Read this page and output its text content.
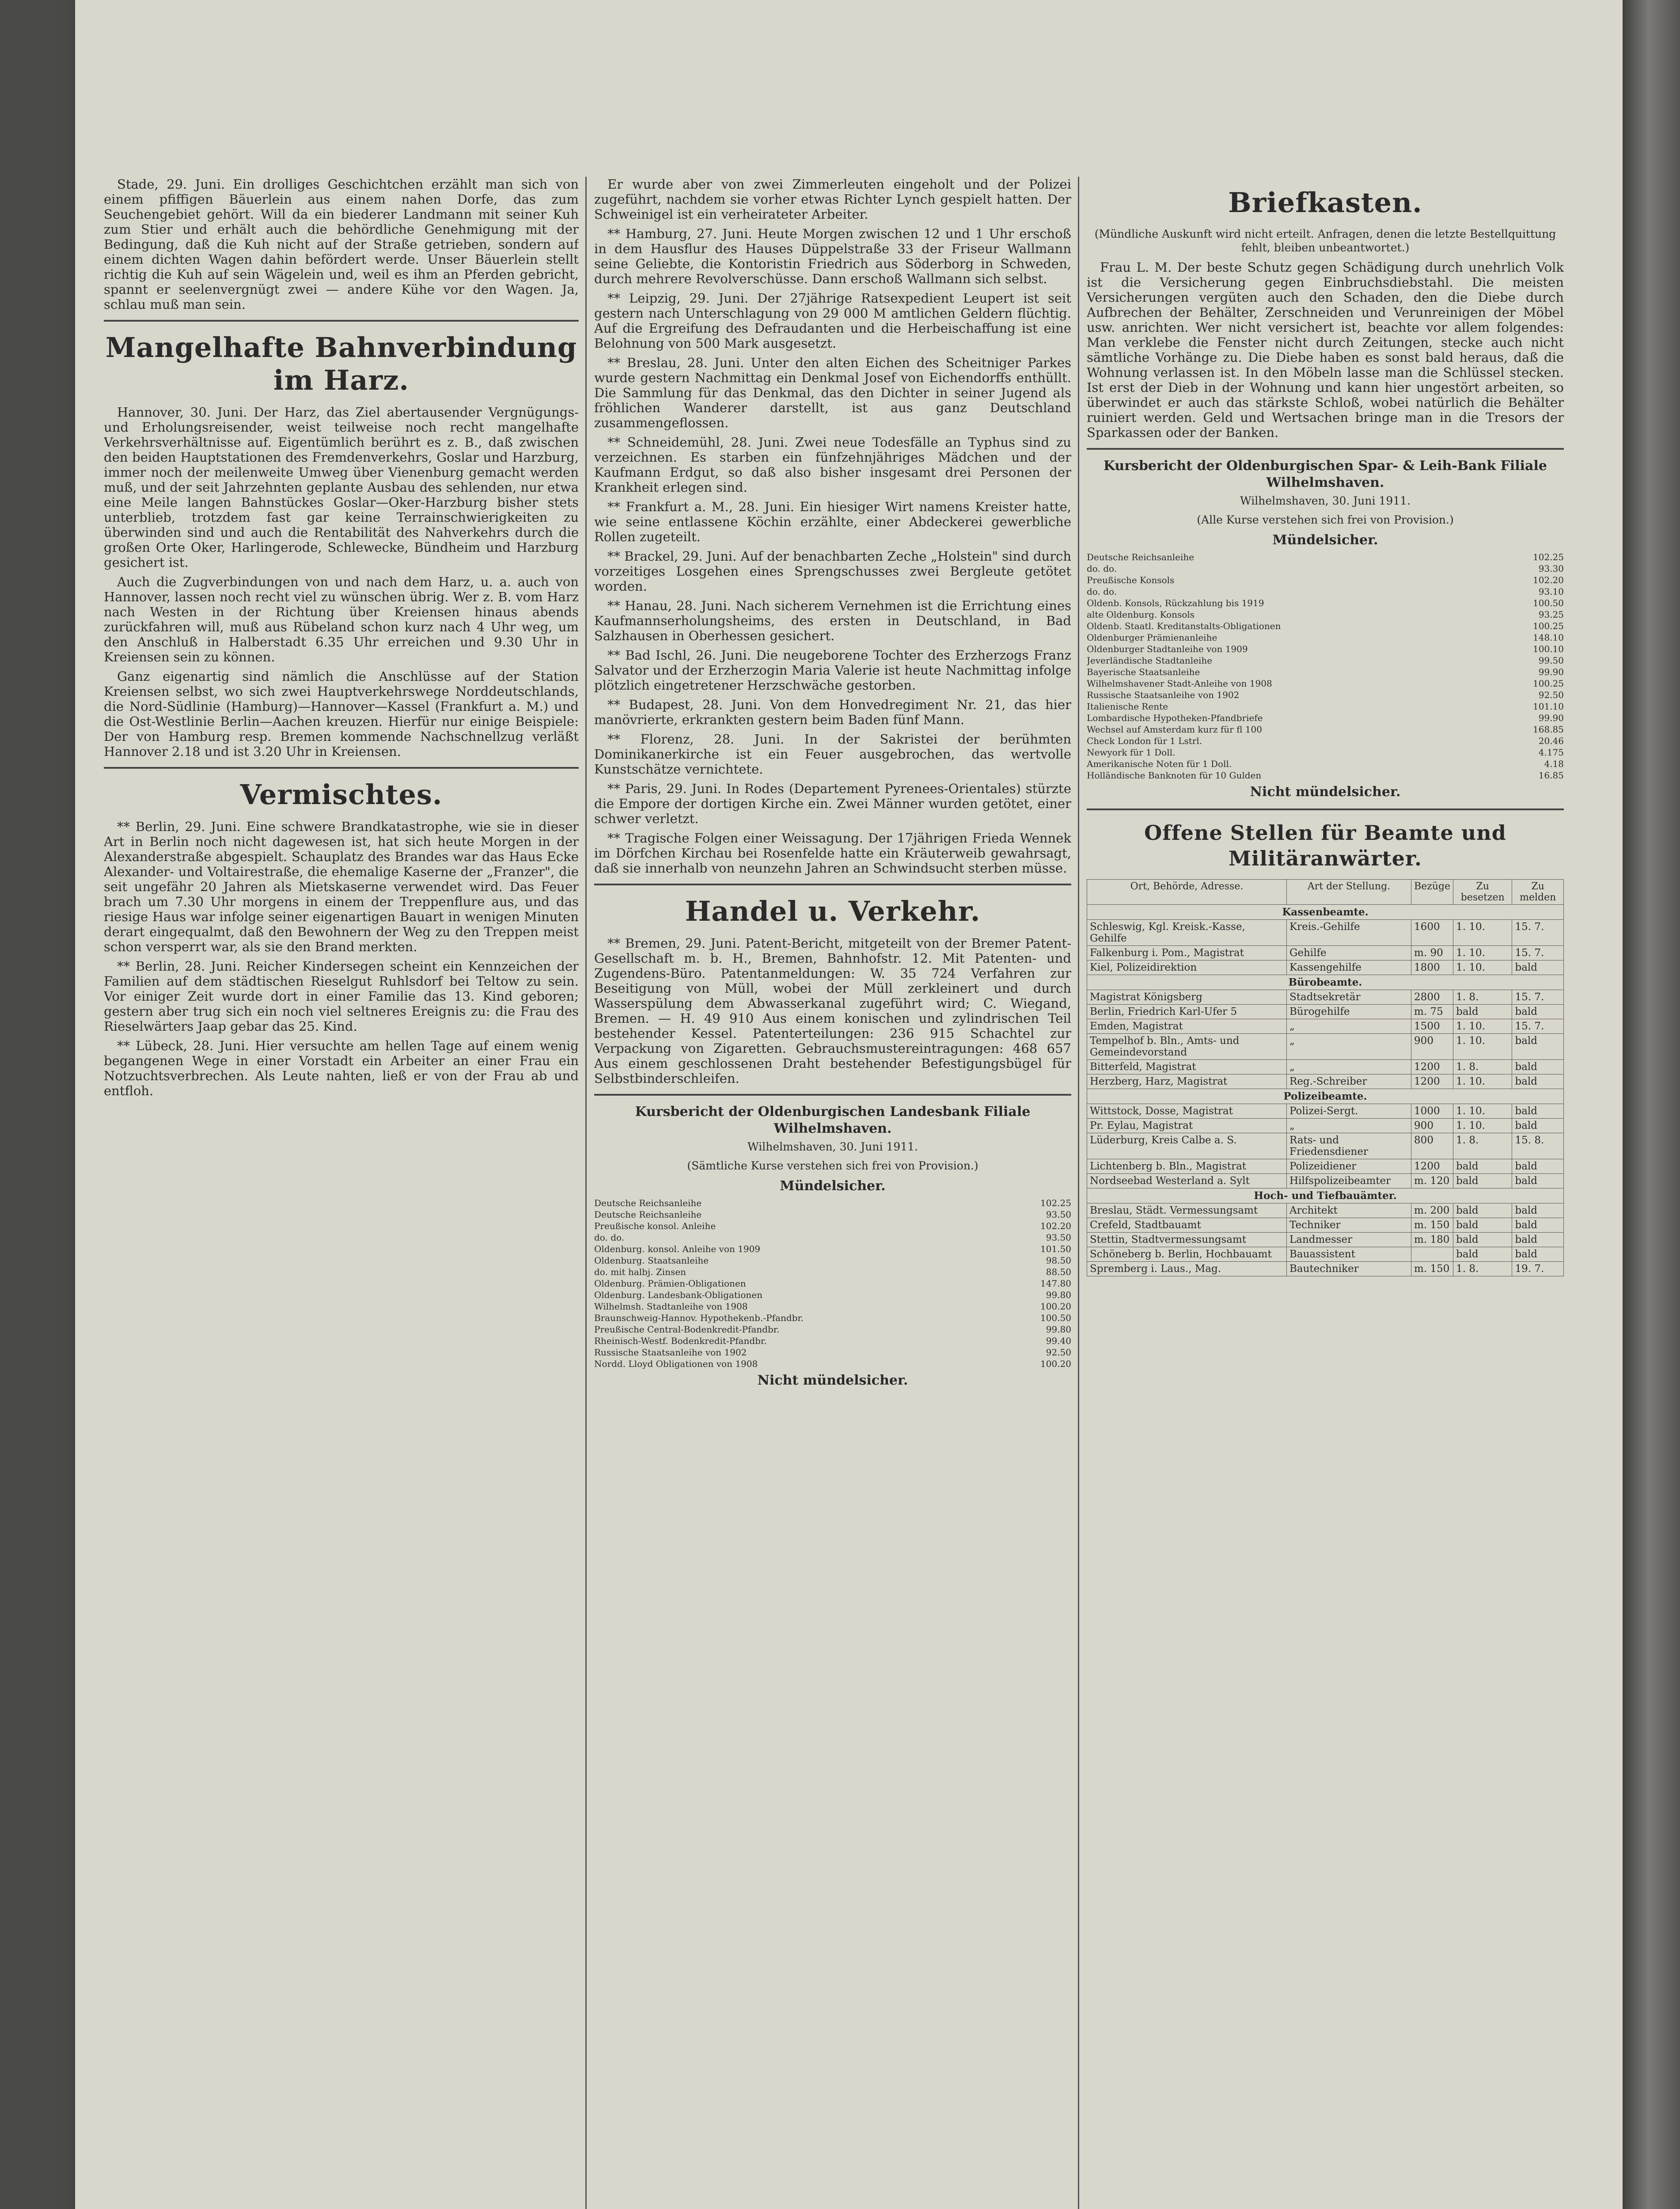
Stade, 29. Juni. Ein drolliges Geschichtchen erzählt man sich von einem pfiffigen Bäuerlein aus einem nahen Dorfe, das zum Seuchengebiet gehört. Will da ein biederer Landmann mit seiner Kuh zum Stier und erhält auch die behördliche Genehmigung mit der Bedingung, daß die Kuh nicht auf der Straße getrieben, sondern auf einem dichten Wagen dahin befördert werde. Unser Bäuerlein stellt richtig die Kuh auf sein Wägelein und, weil es ihm an Pferden gebricht, spannt er seelenvergnügt zwei — andere Kühe vor den Wagen. Ja, schlau muß man sein.

Mangelhafte Bahnverbindung im Harz.

Hannover, 30. Juni. Der Harz, das Ziel abertausender Vergnügungs- und Erholungsreisender, weist teilweise noch recht mangelhafte Verkehrsverhältnisse auf. Eigentümlich berührt es z. B., daß zwischen den beiden Hauptstationen des Fremdenverkehrs, Goslar und Harzburg, immer noch der meilenweite Umweg über Vienenburg gemacht werden muß, und der seit Jahrzehnten geplante Ausbau des sehlenden, nur etwa eine Meile langen Bahnstückes Goslar—Oker-Harzburg bisher stets unterblieb, trotzdem fast gar keine Terrainschwierigkeiten zu überwinden sind und auch die Rentabilität des Nahverkehrs durch die großen Orte Oker, Harlingerode, Schlewecke, Bündheim und Harzburg gesichert ist.

Auch die Zugverbindungen von und nach dem Harz, u. a. auch von Hannover, lassen noch recht viel zu wünschen übrig. Wer z. B. vom Harz nach Westen in der Richtung über Kreiensen hinaus abends zurückfahren will, muß aus Rübeland schon kurz nach 4 Uhr weg, um den Anschluß in Halberstadt 6.35 Uhr erreichen und 9.30 Uhr in Kreiensen sein zu können.

Ganz eigenartig sind nämlich die Anschlüsse auf der Station Kreiensen selbst, wo sich zwei Hauptverkehrswege Norddeutschlands, die Nord-Südlinie (Hamburg)—Hannover—Kassel (Frankfurt a. M.) und die Ost-Westlinie Berlin—Aachen kreuzen. Hierfür nur einige Beispiele: Der von Hamburg resp. Bremen kommende Nachschnellzug verläßt Hannover 2.18 und ist 3.20 Uhr in Kreiensen.

Vermischtes.

** Berlin, 29. Juni. Eine schwere Brandkatastrophe, wie sie in dieser Art in Berlin noch nicht dagewesen ist, hat sich heute Morgen in der Alexanderstraße abgespielt. Schauplatz des Brandes war das Haus Ecke Alexander- und Voltairestraße, die ehemalige Kaserne der „Franzer", die seit ungefähr 20 Jahren als Mietskaserne verwendet wird. Das Feuer brach um 7.30 Uhr morgens in einem der Treppenflure aus, und das riesige Haus war infolge seiner eigenartigen Bauart in wenigen Minuten derart eingequalmt, daß den Bewohnern der Weg zu den Treppen meist schon versperrt war, als sie den Brand merkten.

** Berlin, 28. Juni. Reicher Kindersegen scheint ein Kennzeichen der Familien auf dem städtischen Rieselgut Ruhlsdorf bei Teltow zu sein. Vor einiger Zeit wurde dort in einer Familie das 13. Kind geboren; gestern aber trug sich ein noch viel seltneres Ereignis zu: die Frau des Rieselwärters Jaap gebar das 25. Kind.

** Lübeck, 28. Juni. Hier versuchte am hellen Tage auf einem wenig begangenen Wege in einer Vorstadt ein Arbeiter an einer Frau ein Notzuchtsverbrechen. Als Leute nahten, ließ er von der Frau ab und entfloh.

Er wurde aber von zwei Zimmerleuten eingeholt und der Polizei zugeführt, nachdem sie vorher etwas Richter Lynch gespielt hatten. Der Schweinigel ist ein verheirateter Arbeiter.

** Hamburg, 27. Juni. Heute Morgen zwischen 12 und 1 Uhr erschoß in dem Hausflur des Hauses Düppelstraße 33 der Friseur Wallmann seine Geliebte, die Kontoristin Friedrich aus Söderborg in Schweden, durch mehrere Revolverschüsse. Dann erschoß Wallmann sich selbst.

** Leipzig, 29. Juni. Der 27jährige Ratsexpedient Leupert ist seit gestern nach Unterschlagung von 29 000 M amtlichen Geldern flüchtig. Auf die Ergreifung des Defraudanten und die Herbeischaffung ist eine Belohnung von 500 Mark ausgesetzt.

** Breslau, 28. Juni. Unter den alten Eichen des Scheitniger Parkes wurde gestern Nachmittag ein Denkmal Josef von Eichendorffs enthüllt. Die Sammlung für das Denkmal, das den Dichter in seiner Jugend als fröhlichen Wanderer darstellt, ist aus ganz Deutschland zusammengeflossen.

** Schneidemühl, 28. Juni. Zwei neue Todesfälle an Typhus sind zu verzeichnen. Es starben ein fünfzehnjähriges Mädchen und der Kaufmann Erdgut, so daß also bisher insgesamt drei Personen der Krankheit erlegen sind.

** Frankfurt a. M., 28. Juni. Ein hiesiger Wirt namens Kreister hatte, wie seine entlassene Köchin erzählte, einer Abdeckerei gewerbliche Rollen zugeteilt.

** Brackel, 29. Juni. Auf der benachbarten Zeche „Holstein" sind durch vorzeitiges Losgehen eines Sprengschusses zwei Bergleute getötet worden.

** Hanau, 28. Juni. Nach sicherem Vernehmen ist die Errichtung eines Kaufmannserholungsheims, des ersten in Deutschland, in Bad Salzhausen in Oberhessen gesichert.

** Bad Ischl, 26. Juni. Die neugeborene Tochter des Erzherzogs Franz Salvator und der Erzherzogin Maria Valerie ist heute Nachmittag infolge plötzlich eingetretener Herzschwäche gestorben.

** Budapest, 28. Juni. Von dem Honvedregiment Nr. 21, das hier manövrierte, erkrankten gestern beim Baden fünf Mann.

** Florenz, 28. Juni. In der Sakristei der berühmten Dominikanerkirche ist ein Feuer ausgebrochen, das wertvolle Kunstschätze vernichtete.

** Paris, 29. Juni. In Rodes (Departement Pyrenees-Orientales) stürzte die Empore der dortigen Kirche ein. Zwei Männer wurden getötet, einer schwer verletzt.

** Tragische Folgen einer Weissagung. Der 17jährigen Frieda Wennek im Dörfchen Kirchau bei Rosenfelde hatte ein Kräuterweib gewahrsagt, daß sie innerhalb von neunzehn Jahren an Schwindsucht sterben müsse.

Handel u. Verkehr.

** Bremen, 29. Juni. Patent-Bericht, mitgeteilt von der Bremer Patent-Gesellschaft m. b. H., Bremen, Bahnhofstr. 12. Mit Patenten- und Zugendens-Büro. Patentanmeldungen: W. 35 724 Verfahren zur Beseitigung von Müll, wobei der Müll zerkleinert und durch Wasserspülung dem Abwasserkanal zugeführt wird; C. Wiegand, Bremen. — H. 49 910 Aus einem konischen und zylindrischen Teil bestehender Kessel. Patenterteilungen: 236 915 Schachtel zur Verpackung von Zigaretten. Gebrauchsmustereintragungen: 468 657 Aus einem geschlossenen Draht bestehender Befestigungsbügel für Selbstbinderschleifen.

Kursbericht der Oldenburgischen Landesbank Filiale Wilhelmshaven.
Wilhelmshaven, 30. Juni 1911.
(Sämtliche Kurse verstehen sich frei von Provision.)
Mündelsicher.
Deutsche Reichsanleihe	102.25
Deutsche Reichsanleihe	93.50
Preußische konsol. Anleihe	102.20
do. do.	93.50
Oldenburg. konsol. Anleihe von 1909	101.50
Oldenburg. Staatsanleihe	98.50
do. mit halbj. Zinsen	88.50
Oldenburg. Prämien-Obligationen	147.80
Oldenburg. Landesbank-Obligationen	99.80
Wilhelmsh. Stadtanleihe von 1908	100.20
Braunschweig-Hannov. Hypothekenb.-Pfandbr.	100.50
Preußische Central-Bodenkredit-Pfandbr.	99.80
Rheinisch-Westf. Bodenkredit-Pfandbr.	99.40
Russische Staatsanleihe von 1902	92.50
Nordd. Lloyd Obligationen von 1908	100.20
Nicht mündelsicher.
Briefkasten.
(Mündliche Auskunft wird nicht erteilt. Anfragen, denen die letzte Bestellquittung fehlt, bleiben unbeantwortet.)

Frau L. M. Der beste Schutz gegen Schädigung durch unehrlich Volk ist die Versicherung gegen Einbruchsdiebstahl. Die meisten Versicherungen vergüten auch den Schaden, den die Diebe durch Aufbrechen der Behälter, Zerschneiden und Verunreinigen der Möbel usw. anrichten. Wer nicht versichert ist, beachte vor allem folgendes: Man verklebe die Fenster nicht durch Zeitungen, stecke auch nicht sämtliche Vorhänge zu. Die Diebe haben es sonst bald heraus, daß die Wohnung verlassen ist. In den Möbeln lasse man die Schlüssel stecken. Ist erst der Dieb in der Wohnung und kann hier ungestört arbeiten, so überwindet er auch das stärkste Schloß, wobei natürlich die Behälter ruiniert werden. Geld und Wertsachen bringe man in die Tresors der Sparkassen oder der Banken.

Kursbericht der Oldenburgischen Spar- & Leih-Bank Filiale Wilhelmshaven.
Wilhelmshaven, 30. Juni 1911.
(Alle Kurse verstehen sich frei von Provision.)
Mündelsicher.
Deutsche Reichsanleihe	102.25
do. do.	93.30
Preußische Konsols	102.20
do. do.	93.10
Oldenb. Konsols, Rückzahlung bis 1919	100.50
alte Oldenburg. Konsols	93.25
Oldenb. Staatl. Kreditanstalts-Obligationen	100.25
Oldenburger Prämienanleihe	148.10
Oldenburger Stadtanleihe von 1909	100.10
Jeverländische Stadtanleihe	99.50
Bayerische Staatsanleihe	99.90
Wilhelmshavener Stadt-Anleihe von 1908	100.25
Russische Staatsanleihe von 1902	92.50
Italienische Rente	101.10
Lombardische Hypotheken-Pfandbriefe	99.90
Wechsel auf Amsterdam kurz für fl 100	168.85
Check London für 1 Lstrl.	20.46
Newyork für 1 Doll.	4.175
Amerikanische Noten für 1 Doll.	4.18
Holländische Banknoten für 10 Gulden	16.85
Nicht mündelsicher.
Offene Stellen für Beamte und Militäranwärter.
Ort, Behörde, Adresse.	Art der Stellung.	Bezüge	Zu besetzen	Zu melden
Kassenbeamte.				
Schleswig, Kgl. Kreisk.-Kasse, Gehilfe	Kreis.-Gehilfe	1600	1. 10.	15. 7.
Falkenburg i. Pom., Magistrat	Gehilfe	m. 90	1. 10.	15. 7.
Kiel, Polizeidirektion	Kassengehilfe	1800	1. 10.	bald
Bürobeamte.				
Magistrat Königsberg	Stadtsekretär	2800	1. 8.	15. 7.
Berlin, Friedrich Karl-Ufer 5	Bürogehilfe	m. 75	bald	bald
Emden, Magistrat	„	1500	1. 10.	15. 7.
Tempelhof b. Bln., Amts- und Gemeindevorstand	„	900	1. 10.	bald
Bitterfeld, Magistrat	„	1200	1. 8.	bald
Herzberg, Harz, Magistrat	Reg.-Schreiber	1200	1. 10.	bald
Polizeibeamte.				
Wittstock, Dosse, Magistrat	Polizei-Sergt.	1000	1. 10.	bald
Pr. Eylau, Magistrat	„	900	1. 10.	bald
Lüderburg, Kreis Calbe a. S.	Rats- und Friedensdiener	800	1. 8.	15. 8.
Lichtenberg b. Bln., Magistrat	Polizeidiener	1200	bald	bald
Nordseebad Westerland a. Sylt	Hilfspolizeibeamter	m. 120	bald	bald
Hoch- und Tiefbauämter.				
Breslau, Städt. Vermessungsamt	Architekt	m. 200	bald	bald
Crefeld, Stadtbauamt	Techniker	m. 150	bald	bald
Stettin, Stadtvermessungsamt	Landmesser	m. 180	bald	bald
Schöneberg b. Berlin, Hochbauamt	Bauassistent		bald	bald
Spremberg i. Laus., Mag.	Bautechniker	m. 150	1. 8.	19. 7.
